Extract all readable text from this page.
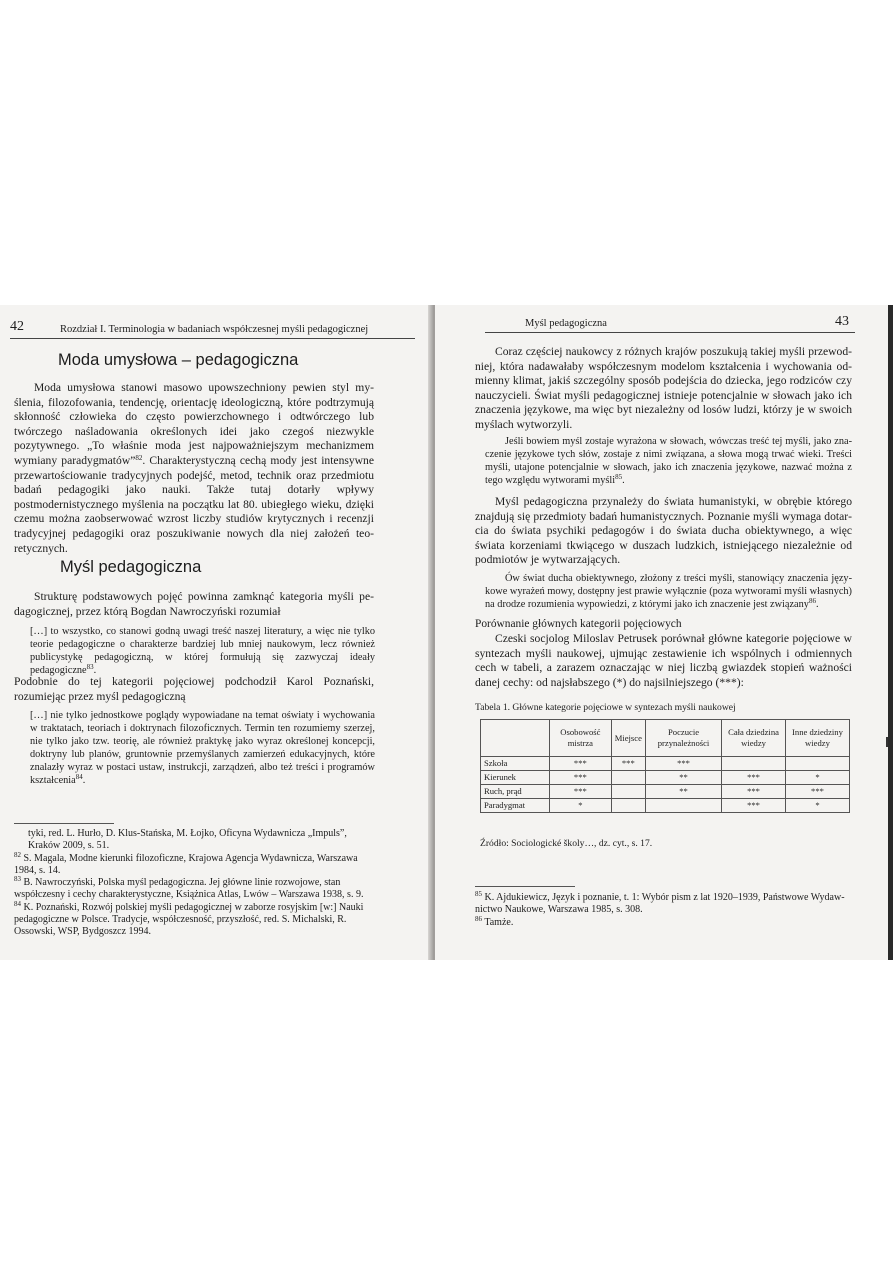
42	Rozdział I. Terminologia w badaniach współczesnej myśli pedagogicznej
Moda umysłowa – pedagogiczna

Moda umysłowa stanowi masowo upowszechniony pewien styl myślenia, filozofowania, tendencję, orientację ideologiczną, które podtrzymują skłonność człowieka do często powierzchownego i odtwórczego lub twórczego naśladowania określonych idei jako czegoś niezwykle pozytywnego. „To właśnie moda jest najpoważniejszym mechanizmem wymiany paradygmatów”$^{82}$. Charakterystyczną cechą mody jest intensywne przewartościowanie tradycyjnych podejść, metod, technik oraz przedmiotu badań pedagogiki jako nauki. Także tutaj dotarły wpływy postmodernistycznego myślenia na początku lat 80. ubiegłego wieku, dzięki czemu można zaobserwować wzrost liczby studiów krytycznych i recenzji tradycyjnej pedagogiki oraz poszukiwanie nowych dla niej założeń teoretycznych.

Myśl pedagogiczna

Strukturę podstawowych pojęć powinna zamknąć kategoria myśli pedagogicznej, przez którą Bogdan Nawroczyński rozumiał

[…] to wszystko, co stanowi godną uwagi treść naszej literatury, a więc nie tylko teorie pedagogiczne o charakterze bardziej lub mniej naukowym, lecz również publicystykę pedagogiczną, w której formułują się zazwyczaj ideały pedagogiczne$^{83}$.

Podobnie do tej kategorii pojęciowej podchodził Karol Poznański, rozumiejąc przez myśl pedagogiczną

[…] nie tylko jednostkowe poglądy wypowiadane na temat oświaty i wychowania w traktatach, teoriach i doktrynach filozoficznych. Termin ten rozumiemy szerzej, nie tylko jako tzw. teorię, ale również praktykę jako wyraz określonej koncepcji, doktryny lub planów, gruntownie przemyślanych zamierzeń edukacyjnych, które znalazły wyraz w postaci ustaw, instrukcji, zarządzeń, albo też treści i programów kształcenia$^{84}$.

tyki, red. L. Hurło, D. Klus-Stańska, M. Łojko, Oficyna Wydawnicza „Impuls”, Kraków 2009, s. 51.

$^{82}$ S. Magala, Modne kierunki filozoficzne, Krajowa Agencja Wydawnicza, Warszawa 1984, s. 14.

$^{83}$ B. Nawroczyński, Polska myśl pedagogiczna. Jej główne linie rozwojowe, stan współczesny i cechy charakterystyczne, Książnica Atlas, Lwów – Warszawa 1938, s. 9.

$^{84}$ K. Poznański, Rozwój polskiej myśli pedagogicznej w zaborze rosyjskim [w:] Nauki pedagogiczne w Polsce. Tradycje, współczesność, przyszłość, red. S. Michalski, R. Ossowski, WSP, Bydgoszcz 1994.

Myśl pedagogiczna	43

Coraz częściej naukowcy z różnych krajów poszukują takiej myśli przewodniej, która nadawałaby współczesnym modelom kształcenia i wychowania odmienny klimat, jakiś szczególny sposób podejścia do dziecka, jego rodziców czy nauczycieli. Świat myśli pedagogicznej istnieje potencjalnie w słowach jako ich znaczenia językowe, ma więc byt niezależny od losów ludzi, którzy je w swoich myślach wytworzyli.

Jeśli bowiem myśl zostaje wyrażona w słowach, wówczas treść tej myśli, jako znaczenie językowe tych słów, zostaje z nimi związana, a słowa mogą trwać wieki. Treści myśli, utajone potencjalnie w słowach, jako ich znaczenia językowe, nazwać można z tego względu wytworami myśli$^{85}$.

Myśl pedagogiczna przynależy do świata humanistyki, w obrębie którego znajdują się przedmioty badań humanistycznych. Poznanie myśli wymaga dotarcia do świata psychiki pedagogów i do świata ducha obiektywnego, a więc świata korzeniami tkwiącego w duszach ludzkich, istniejącego niezależnie od podmiotów je wytwarzających.

Ów świat ducha obiektywnego, złożony z treści myśli, stanowiący znaczenia językowe wyrażeń mowy, dostępny jest prawie wyłącznie (poza wytworami myśli własnych) na drodze rozumienia wypowiedzi, z którymi jako ich znaczenie jest związany$^{86}$.

Porównanie głównych kategorii pojęciowych

Czeski socjolog Miloslav Petrusek porównał główne kategorie pojęciowe w syntezach myśli naukowej, ujmując zestawienie ich wspólnych i odmiennych cech w tabeli, a zarazem oznaczając w niej liczbą gwiazdek stopień ważności danej cechy: od najsłabszego (*) do najsilniejszego (***):

Tabela 1. Główne kategorie pojęciowe w syntezach myśli naukowej
	Osobowość mistrza	Miejsce	Poczucie przynależności	Cała dziedzina wiedzy	Inne dziedziny wiedzy
Szkoła	***	***	***		
Kierunek	***		**	***	*
Ruch, prąd	***		**	***	***
Paradygmat	*			***	*
Źródło: Sociologické školy…, dz. cyt., s. 17.

$^{85}$ K. Ajdukiewicz, Język i poznanie, t. 1: Wybór pism z lat 1920–1939, Państwowe Wydawnictwo Naukowe, Warszawa 1985, s. 308.

$^{86}$ Tamże.
